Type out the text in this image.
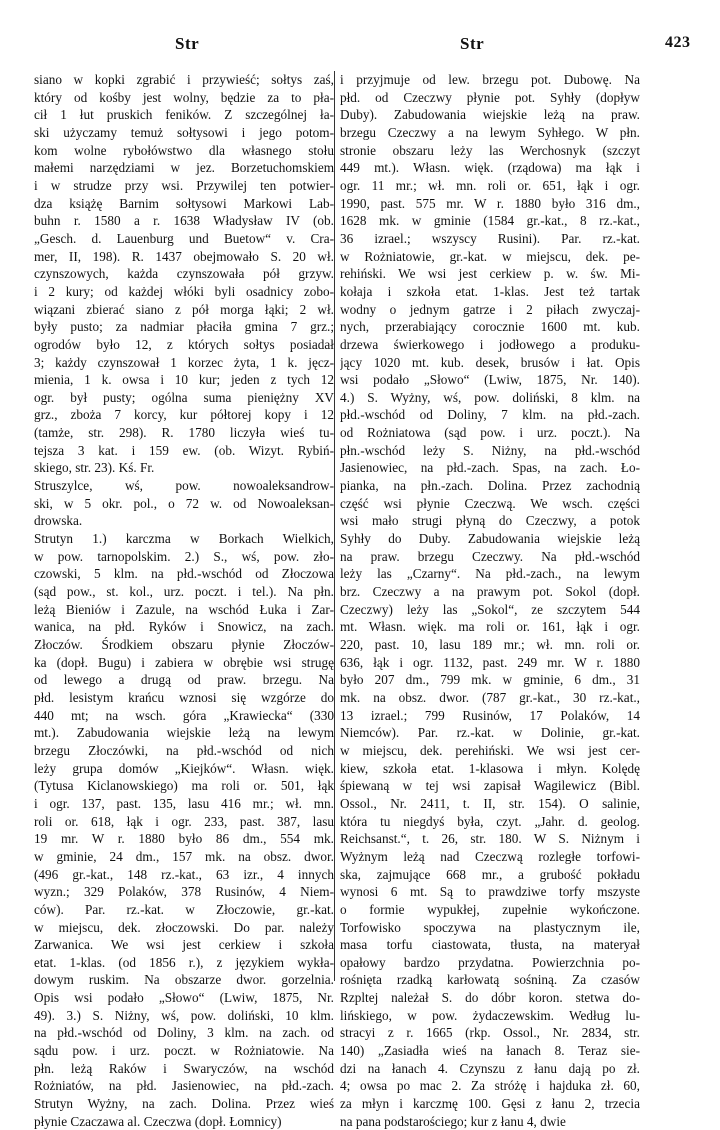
Str	Str	423
siano w kopki zgrabić i przywieść; sołtys zaś,
który od kośby jest wolny, będzie za to pła-
cił 1 łut pruskich feników. Z szczególnej ła-
ski użyczamy temuż sołtysowi i jego potom-
kom wolne rybołówstwo dla własnego stołu
małemi narzędziami w jez. Borzetuchomskiem
i w strudze przy wsi. Przywilej ten potwier-
dza książę Barnim sołtysowi Markowi Lab-
buhn r. 1580 a r. 1638 Władysław IV (ob.
„Gesch. d. Lauenburg und Buetow“ v. Cra-
mer, II, 198). R. 1437 obejmowało S. 20 wł.
czynszowych, każda czynszowała pół grzyw.
i 2 kury; od każdej włóki byli osadnicy zobo-
wiązani zbierać siano z pół morga łąki; 2 wł.
były pusto; za nadmiar płaciła gmina 7 grz.;
ogrodów było 12, z których sołtys posiadał
3; każdy czynszował 1 korzec żyta, 1 k. jęcz-
mienia, 1 k. owsa i 10 kur; jeden z tych 12
ogr. był pusty; ogólna suma pieniężny XV
grz., zboża 7 korcy, kur półtorej kopy i 12
(tamże, str. 298). R. 1780 liczyła wieś tu-
tejsza 3 kat. i 159 ew. (ob. Wizyt. Rybiń-
skiego, str. 23). Kś. Fr.
Struszylce, wś, pow. nowoaleksandrow-
ski, w 5 okr. pol., o 72 w. od Nowoaleksan-
drowska.
Strutyn 1.) karczma w Borkach Wielkich,
w pow. tarnopolskim. 2.) S., wś, pow. zło-
czowski, 5 klm. na płd.-wschód od Złoczowa
(sąd pow., st. kol., urz. poczt. i tel.). Na płn.
leżą Bieniów i Zazule, na wschód Łuka i Zar-
wanica, na płd. Ryków i Snowicz, na zach.
Złoczów. Środkiem obszaru płynie Złoczów-
ka (dopł. Bugu) i zabiera w obrębie wsi strugę
od lewego a drugą od praw. brzegu. Na
płd. lesistym krańcu wznosi się wzgórze do
440 mt; na wsch. góra „Krawiecka“ (330
mt.). Zabudowania wiejskie leżą na lewym
brzegu Złoczówki, na płd.-wschód od nich
leży grupa domów „Kiejków“. Własn. więk.
(Tytusa Kiclanowskiego) ma roli or. 501, łąk
i ogr. 137, past. 135, lasu 416 mr.; wł. mn.
roli or. 618, łąk i ogr. 233, past. 387, lasu
19 mr. W r. 1880 było 86 dm., 554 mk.
w gminie, 24 dm., 157 mk. na obsz. dwor.
(496 gr.-kat., 148 rz.-kat., 63 izr., 4 innych
wyzn.; 329 Polaków, 378 Rusinów, 4 Niem-
ców). Par. rz.-kat. w Złoczowie, gr.-kat.
w miejscu, dek. złoczowski. Do par. należy
Zarwanica. We wsi jest cerkiew i szkoła
etat. 1-klas. (od 1856 r.), z językiem wykła-
dowym ruskim. Na obszarze dwor. gorzelnia.
Opis wsi podało „Słowo“ (Lwiw, 1875, Nr.
49). 3.) S. Niżny, wś, pow. doliński, 10 klm.
na płd.-wschód od Doliny, 3 klm. na zach. od
sądu pow. i urz. poczt. w Rożniatowie. Na
płn. leżą Raków i Swaryczów, na wschód
Rożniatów, na płd. Jasienowiec, na płd.-zach.
Strutyn Wyżny, na zach. Dolina. Przez wieś
płynie Czaczawa al. Czeczwa (dopł. Łomnicy)
i przyjmuje od lew. brzegu pot. Dubowę. Na
płd. od Czeczwy płynie pot. Syhły (dopływ
Duby). Zabudowania wiejskie leżą na praw.
brzegu Czeczwy a na lewym Syhłego. W płn.
stronie obszaru leży las Werchosnyk (szczyt
449 mt.). Własn. więk. (rządowa) ma łąk i
ogr. 11 mr.; wł. mn. roli or. 651, łąk i ogr.
1990, past. 575 mr. W r. 1880 było 316 dm.,
1628 mk. w gminie (1584 gr.-kat., 8 rz.-kat.,
36 izrael.; wszyscy Rusini). Par. rz.-kat.
w Rożniatowie, gr.-kat. w miejscu, dek. pe-
rehiński. We wsi jest cerkiew p. w. św. Mi-
kołaja i szkoła etat. 1-klas. Jest też tartak
wodny o jednym gatrze i 2 piłach zwyczaj-
nych, przerabiający corocznie 1600 mt. kub.
drzewa świerkowego i jodłowego a produku-
jący 1020 mt. kub. desek, brusów i łat. Opis
wsi podało „Słowo“ (Lwiw, 1875, Nr. 140).
4.) S. Wyżny, wś, pow. doliński, 8 klm. na
płd.-wschód od Doliny, 7 klm. na płd.-zach.
od Rożniatowa (sąd pow. i urz. poczt.). Na
płn.-wschód leży S. Niżny, na płd.-wschód
Jasienowiec, na płd.-zach. Spas, na zach. Ło-
pianka, na płn.-zach. Dolina. Przez zachodnią
część wsi płynie Czeczwą. We wsch. części
wsi mało strugi płyną do Czeczwy, a potok
Syhły do Duby. Zabudowania wiejskie leżą
na praw. brzegu Czeczwy. Na płd.-wschód
leży las „Czarny“. Na płd.-zach., na lewym
brz. Czeczwy a na prawym pot. Sokol (dopł.
Czeczwy) leży las „Sokol“, ze szczytem 544
mt. Własn. więk. ma roli or. 161, łąk i ogr.
220, past. 10, lasu 189 mr.; wł. mn. roli or.
636, łąk i ogr. 1132, past. 249 mr. W r. 1880
było 207 dm., 799 mk. w gminie, 6 dm., 31
mk. na obsz. dwor. (787 gr.-kat., 30 rz.-kat.,
13 izrael.; 799 Rusinów, 17 Polaków, 14
Niemców). Par. rz.-kat. w Dolinie, gr.-kat.
w miejscu, dek. perehiński. We wsi jest cer-
kiew, szkoła etat. 1-klasowa i młyn. Kolędę
śpiewaną w tej wsi zapisał Wagilewicz (Bibl.
Ossol., Nr. 2411, t. II, str. 154). O salinie,
która tu niegdyś była, czyt. „Jahr. d. geolog.
Reichsanst.“, t. 26, str. 180. W S. Niżnym i
Wyżnym leżą nad Czeczwą rozległe torfowi-
ska, zajmujące 668 mr., a grubość pokładu
wynosi 6 mt. Są to prawdziwe torfy mszyste
o formie wypukłej, zupełnie wykończone.
Torfowisko spoczywa na plastycznym ile,
masa torfu ciastowata, tłusta, na materyał
opałowy bardzo przydatna. Powierzchnia po-
rośnięta rzadką karłowatą sośniną. Za czasów
Rzpltej należał S. do dóbr koron. stetwa do-
lińskiego, w pow. żydaczewskim. Według lu-
stracyi z r. 1665 (rkp. Ossol., Nr. 2834, str.
140) „Zasiadła wieś na łanach 8. Teraz sie-
dzi na łanach 4. Czynszu z łanu dają po zł.
4; owsa po mac 2. Za stróżę i hajduka zł. 60,
za młyn i karczmę 100. Gęsi z łanu 2, trzecia
na pana podstarościego; kur z łanu 4, dwie
